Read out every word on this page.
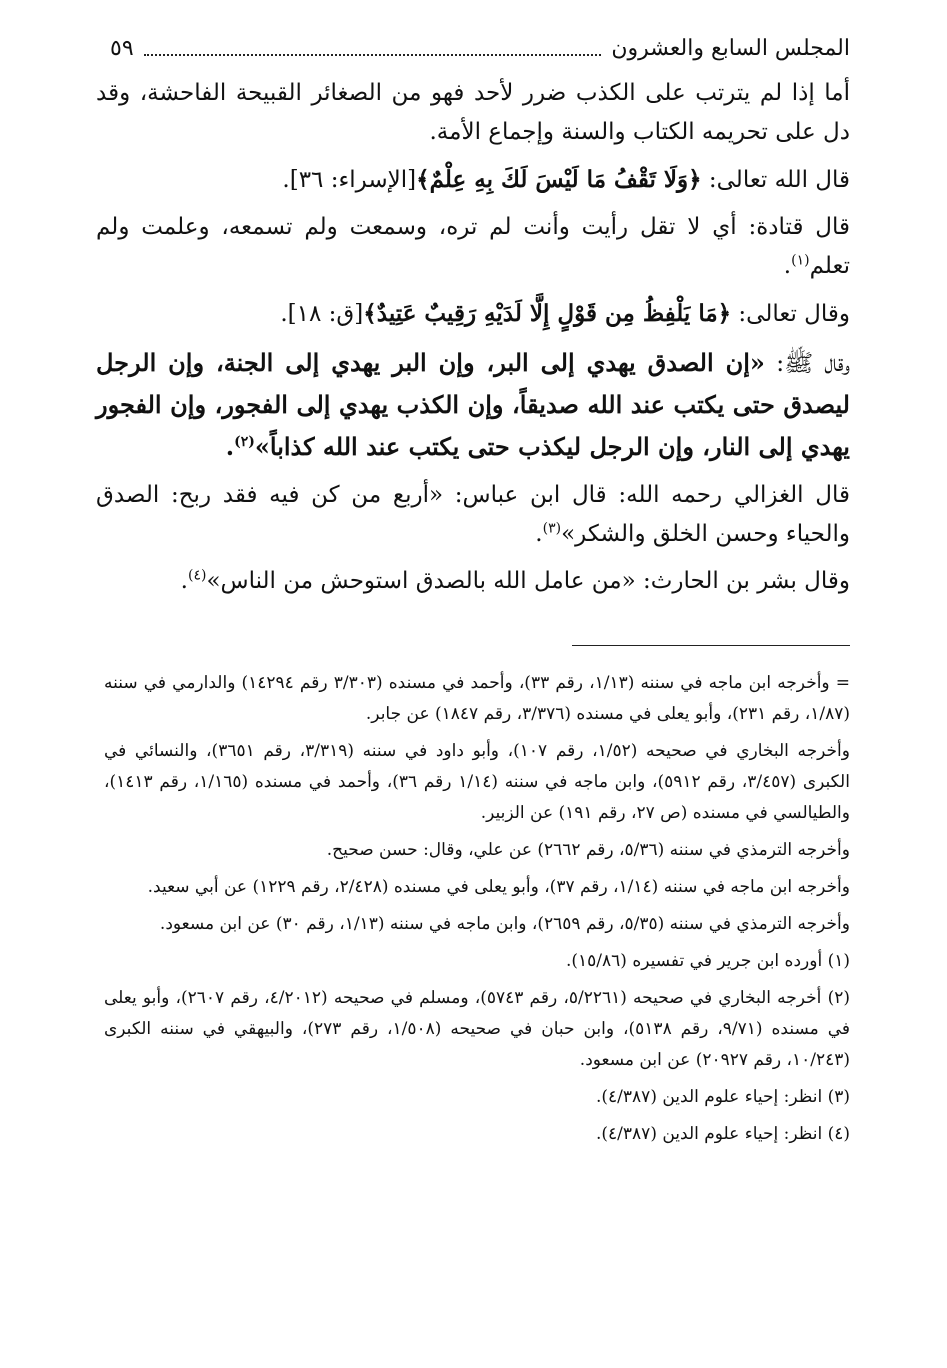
المجلس السابع والعشرون
٥٩

أما إذا لم يترتب على الكذب ضرر لأحد فهو من الصغائر القبيحة الفاحشة، وقد دل على تحريمه الكتاب والسنة وإجماع الأمة.

قال الله تعالى: ﴿وَلَا تَقْفُ مَا لَيْسَ لَكَ بِهِ عِلْمٌ﴾[الإسراء: ٣٦].

قال قتادة: أي لا تقل رأيت وأنت لم تره، وسمعت ولم تسمعه، وعلمت ولم تعلم$^{(١)}$.

وقال تعالى: ﴿مَا يَلْفِظُ مِن قَوْلٍ إِلَّا لَدَيْهِ رَقِيبٌ عَتِيدٌ﴾[ق: ١٨].

وقال ﷺ: «إن الصدق يهدي إلى البر، وإن البر يهدي إلى الجنة، وإن الرجل ليصدق حتى يكتب عند الله صديقاً، وإن الكذب يهدي إلى الفجور، وإن الفجور يهدي إلى النار، وإن الرجل ليكذب حتى يكتب عند الله كذاباً»$^{(٢)}$.

قال الغزالي رحمه الله: قال ابن عباس: «أربع من كن فيه فقد ربح: الصدق والحياء وحسن الخلق والشكر»$^{(٣)}$.

وقال بشر بن الحارث: «من عامل الله بالصدق استوحش من الناس»$^{(٤)}$.

= وأخرجه ابن ماجه في سننه (١/١٣، رقم ٣٣)، وأحمد في مسنده (٣/٣٠٣ رقم ١٤٢٩٤) والدارمي في سننه (١/٨٧، رقم ٢٣١)، وأبو يعلى في مسنده (٣/٣٧٦، رقم ١٨٤٧) عن جابر.

وأخرجه البخاري في صحيحه (١/٥٢، رقم ١٠٧)، وأبو داود في سننه (٣/٣١٩، رقم ٣٦٥١)، والنسائي في الكبرى (٣/٤٥٧، رقم ٥٩١٢)، وابن ماجه في سننه (١/١٤ رقم ٣٦)، وأحمد في مسنده (١/١٦٥، رقم ١٤١٣)، والطيالسي في مسنده (ص ٢٧، رقم ١٩١) عن الزبير.

وأخرجه الترمذي في سننه (٥/٣٦، رقم ٢٦٦٢) عن علي، وقال: حسن صحيح.

وأخرجه ابن ماجه في سننه (١/١٤، رقم ٣٧)، وأبو يعلى في مسنده (٢/٤٢٨، رقم ١٢٢٩) عن أبي سعيد.

وأخرجه الترمذي في سننه (٥/٣٥، رقم ٢٦٥٩)، وابن ماجه في سننه (١/١٣، رقم ٣٠) عن ابن مسعود.

(١) أورده ابن جرير في تفسيره (١٥/٨٦).

(٢) أخرجه البخاري في صحيحه (٥/٢٢٦١، رقم ٥٧٤٣)، ومسلم في صحيحه (٤/٢٠١٢، رقم ٢٦٠٧)، وأبو يعلى في مسنده (٩/٧١، رقم ٥١٣٨)، وابن حبان في صحيحه (١/٥٠٨، رقم ٢٧٣)، والبيهقي في سننه الكبرى (١٠/٢٤٣، رقم ٢٠٩٢٧) عن ابن مسعود.

(٣) انظر: إحياء علوم الدين (٤/٣٨٧).

(٤) انظر: إحياء علوم الدين (٤/٣٨٧).
